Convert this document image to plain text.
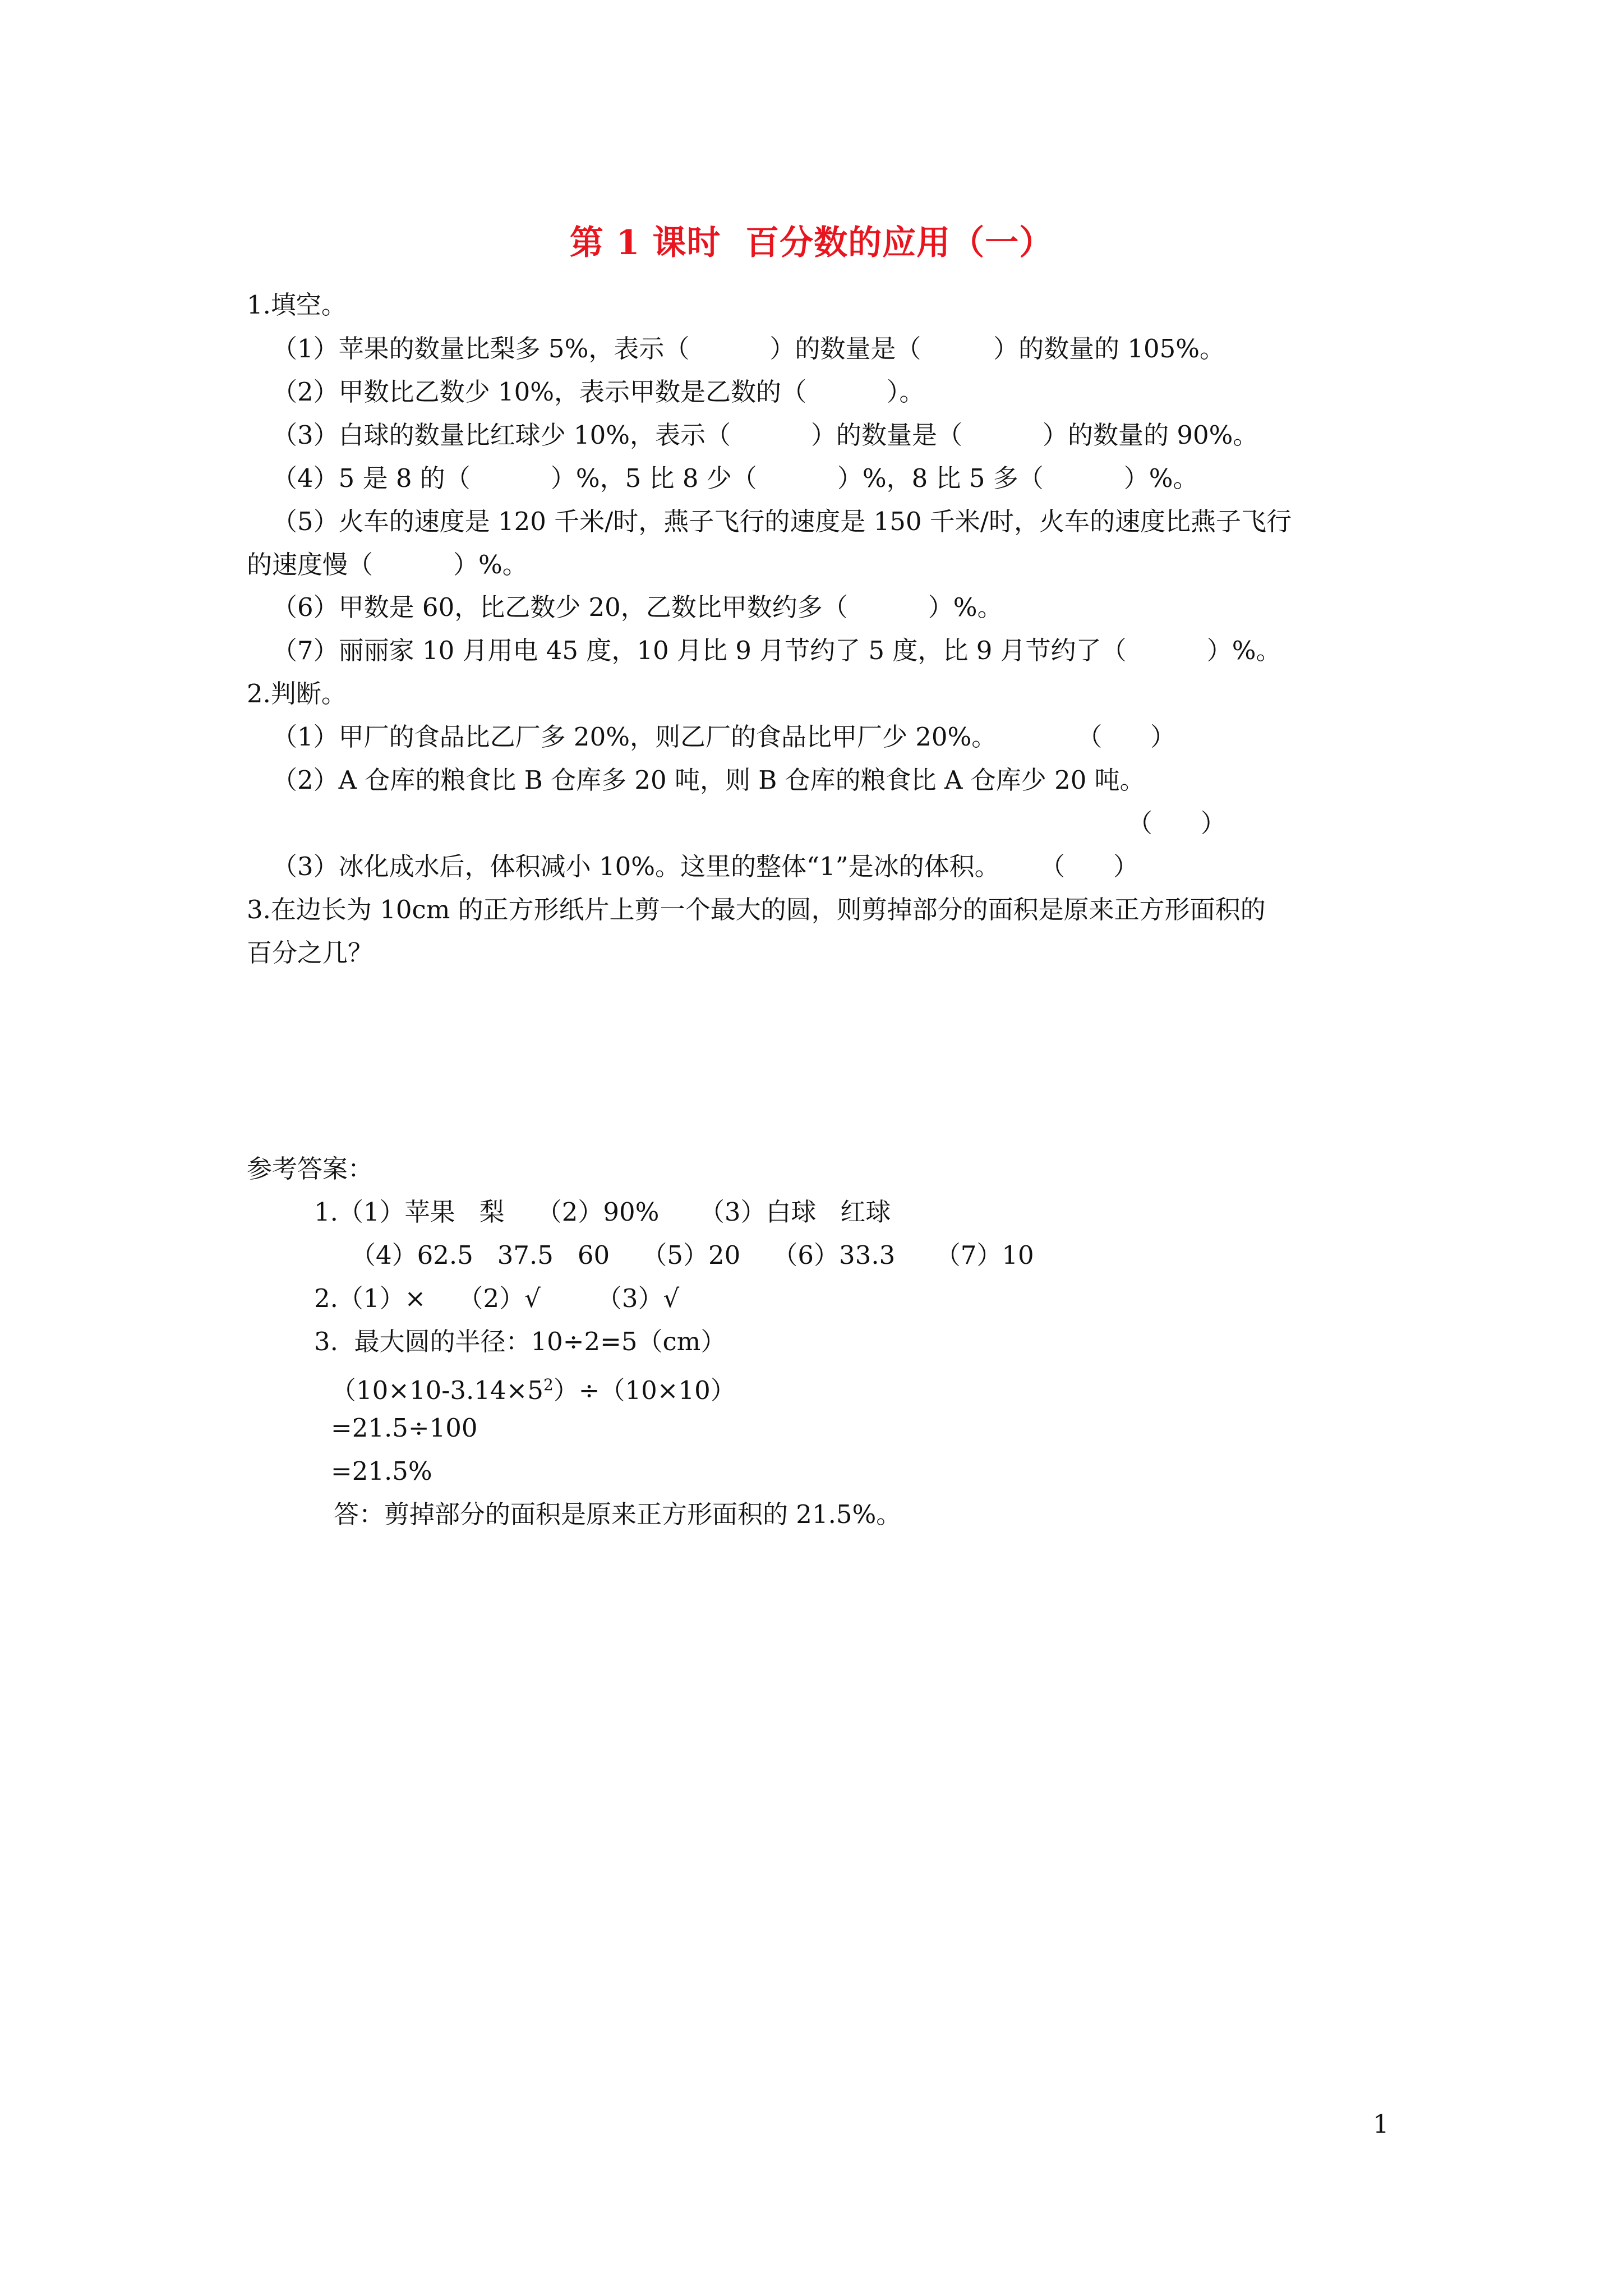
第 1 课时  百分数的应用（一）
1.填空。
（1）苹果的数量比梨多 5%，表示（          ）的数量是（         ）的数量的 105%。
（2）甲数比乙数少 10%，表示甲数是乙数的（          ）。
（3）白球的数量比红球少 10%，表示（          ）的数量是（          ）的数量的 90%。
（4）5 是 8 的（          ）%，5 比 8 少（          ）%，8 比 5 多（          ）%。
（5）火车的速度是 120 千米/时，燕子飞行的速度是 150 千米/时，火车的速度比燕子飞行
的速度慢（          ）%。
（6）甲数是 60，比乙数少 20，乙数比甲数约多（          ）%。
（7）丽丽家 10 月用电 45 度，10 月比 9 月节约了 5 度，比 9 月节约了（          ）%。
2.判断。
（1）甲厂的食品比乙厂多 20%，则乙厂的食品比甲厂少 20%。          （      ）
（2）A 仓库的粮食比 B 仓库多 20 吨，则 B 仓库的粮食比 A 仓库少 20 吨。
（      ）
（3）冰化成水后，体积减小 10%。这里的整体“1”是冰的体积。     （      ）
3.在边长为 10cm 的正方形纸片上剪一个最大的圆，则剪掉部分的面积是原来正方形面积的
百分之几？
参考答案：
1.（1）苹果   梨    （2）90%     （3）白球   红球
（4）62.5   37.5   60    （5）20    （6）33.3     （7）10
2.（1）×    （2）√       （3）√
3.  最大圆的半径：10÷2=5（cm）
$(10\times 10-3.14\times 5^2)\div(10\times 10)$
=21.5÷100
=21.5%
答：剪掉部分的面积是原来正方形面积的 21.5%。
1
